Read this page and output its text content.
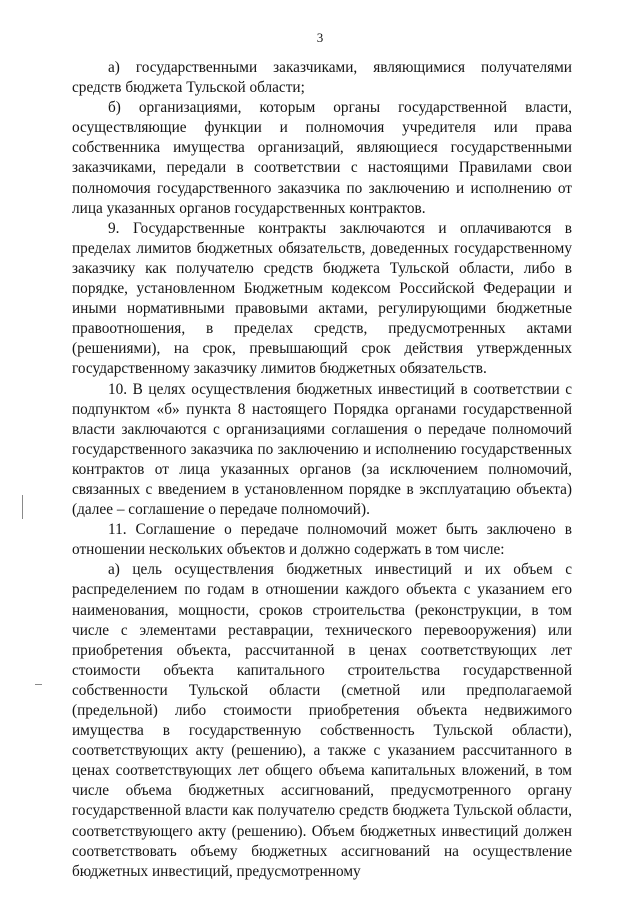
3

а) государственными заказчиками, являющимися получателями средств бюджета Тульской области;

б) организациями, которым органы государственной власти, осуществляющие функции и полномочия учредителя или права собственника имущества организаций, являющиеся государственными заказчиками, передали в соответствии с настоящими Правилами свои полномочия государственного заказчика по заключению и исполнению от лица указанных органов государственных контрактов.

9. Государственные контракты заключаются и оплачиваются в пределах лимитов бюджетных обязательств, доведенных государственному заказчику как получателю средств бюджета Тульской области, либо в порядке, установленном Бюджетным кодексом Российской Федерации и иными нормативными правовыми актами, регулирующими бюджетные правоотношения, в пределах средств, предусмотренных актами (решениями), на срок, превышающий срок действия утвержденных государственному заказчику лимитов бюджетных обязательств.

10. В целях осуществления бюджетных инвестиций в соответствии с подпунктом «б» пункта 8 настоящего Порядка органами государственной власти заключаются с организациями соглашения о передаче полномочий государственного заказчика по заключению и исполнению государственных контрактов от лица указанных органов (за исключением полномочий, связанных с введением в установленном порядке в эксплуатацию объекта) (далее – соглашение о передаче полномочий).

11. Соглашение о передаче полномочий может быть заключено в отношении нескольких объектов и должно содержать в том числе:

а) цель осуществления бюджетных инвестиций и их объем с распределением по годам в отношении каждого объекта с указанием его наименования, мощности, сроков строительства (реконструкции, в том числе с элементами реставрации, технического перевооружения) или приобретения объекта, рассчитанной в ценах соответствующих лет стоимости объекта капитального строительства государственной собственности Тульской области (сметной или предполагаемой (предельной) либо стоимости приобретения объекта недвижимого имущества в государственную собственность Тульской области), соответствующих акту (решению), а также с указанием рассчитанного в ценах соответствующих лет общего объема капитальных вложений, в том числе объема бюджетных ассигнований, предусмотренного органу государственной власти как получателю средств бюджета Тульской области, соответствующего акту (решению). Объем бюджетных инвестиций должен соответствовать объему бюджетных ассигнований на осуществление бюджетных инвестиций, предусмотренному
